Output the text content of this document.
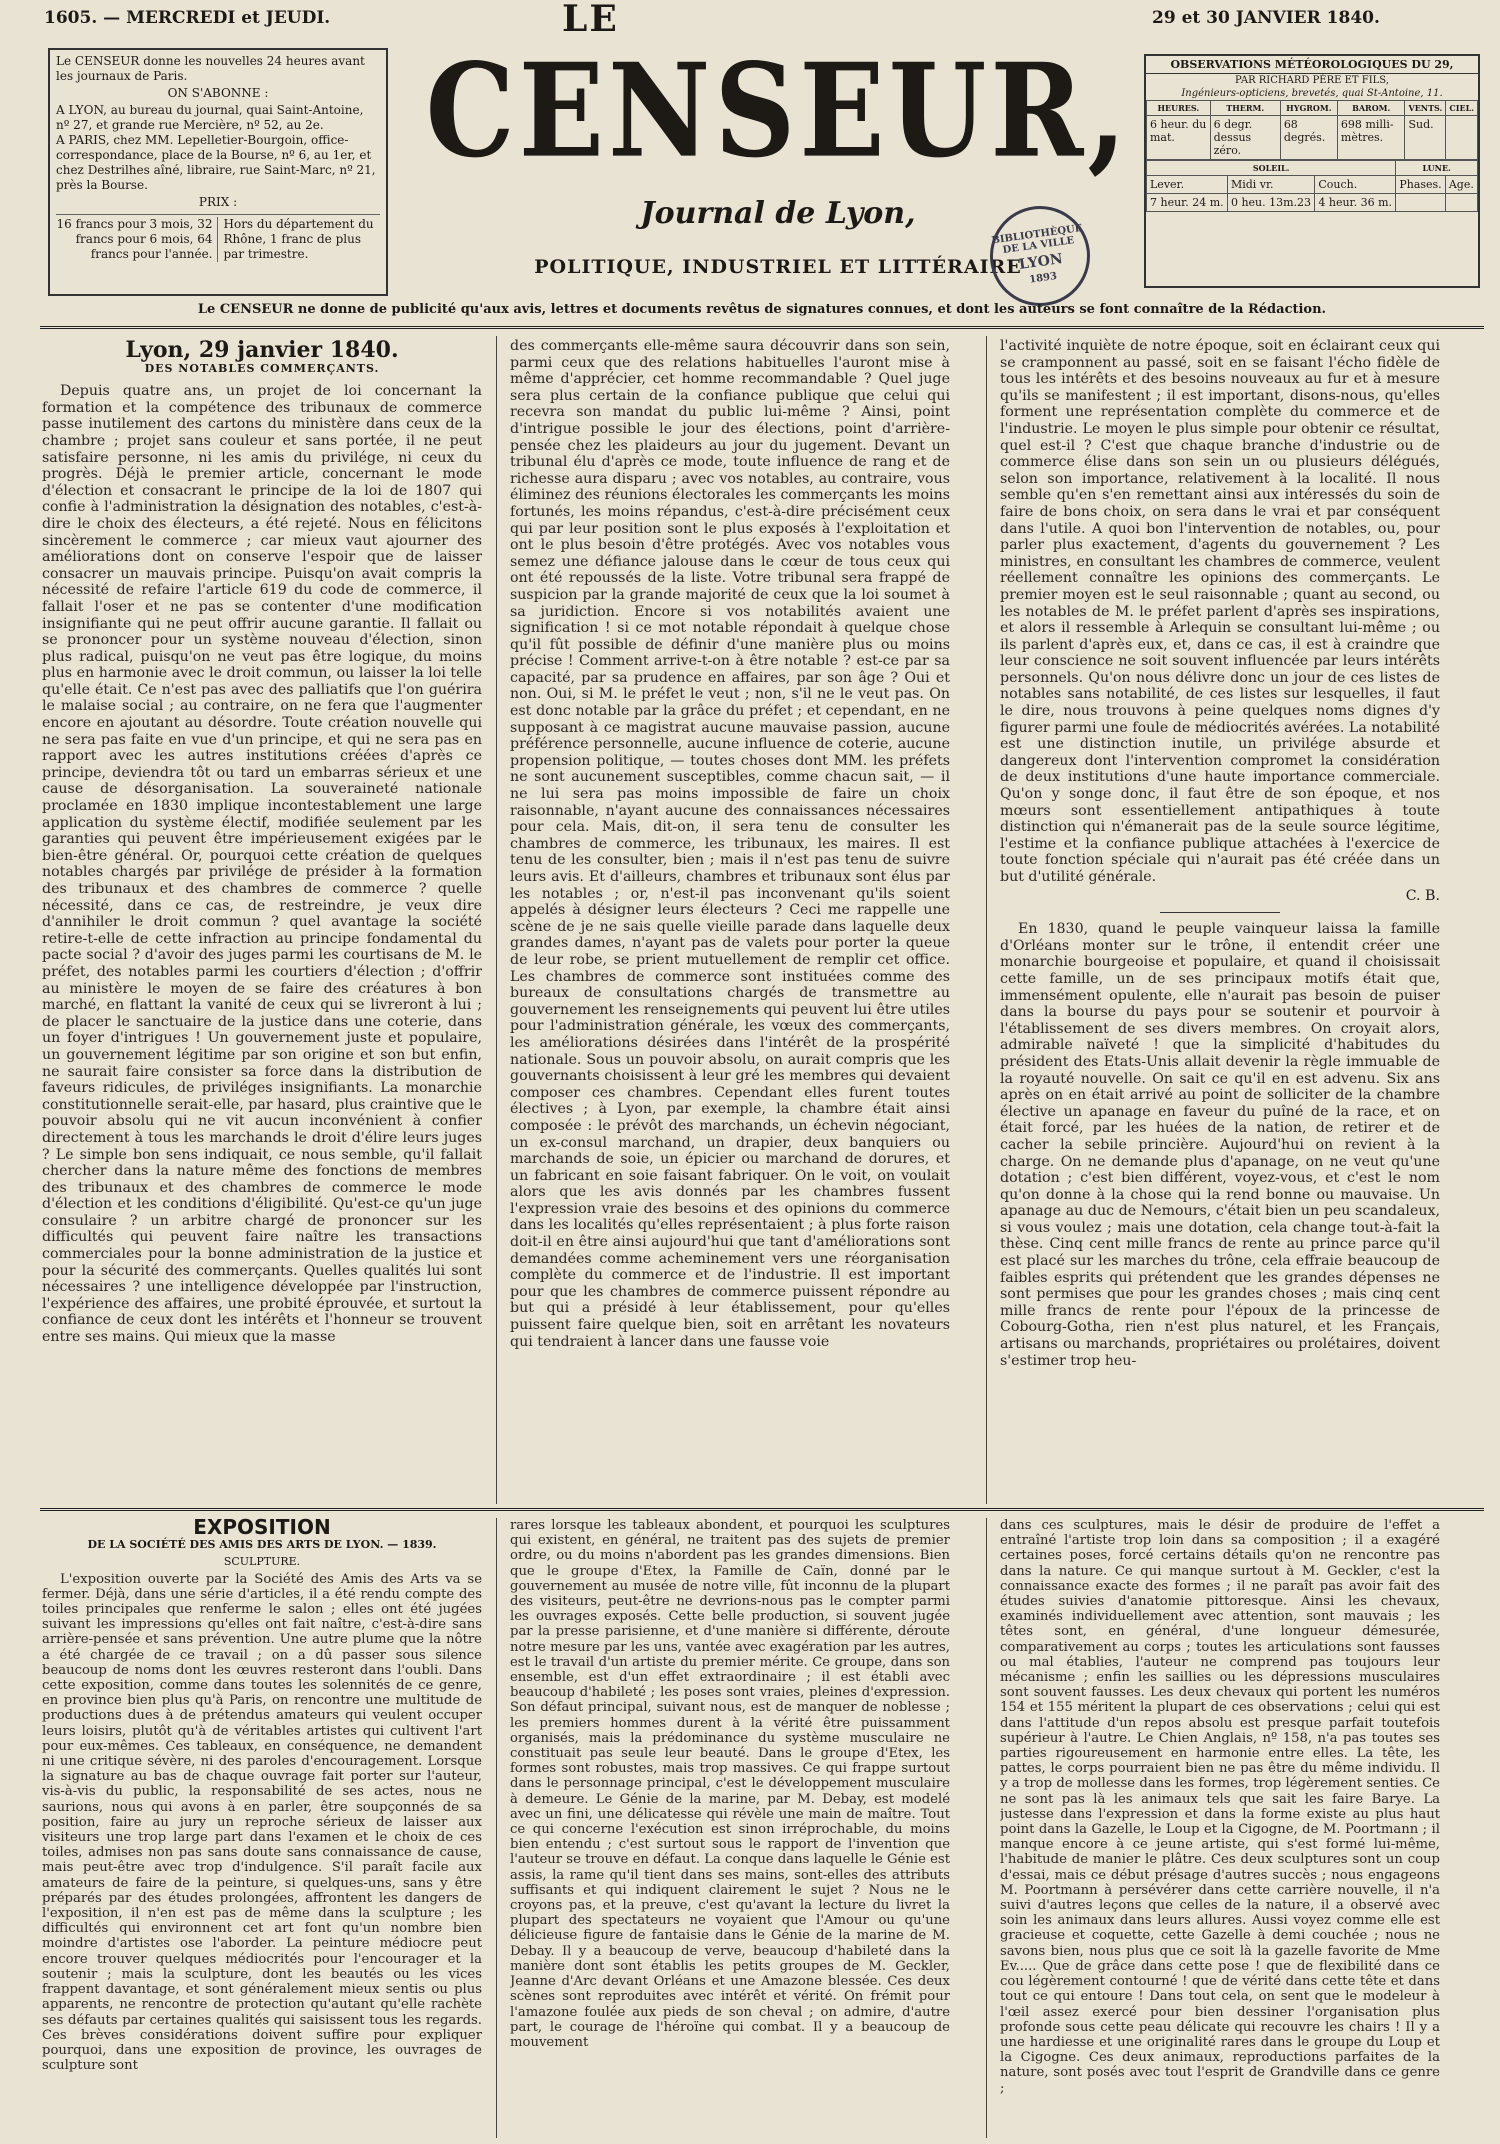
1605. — MERCREDI et JEUDI.	29 et 30 JANVIER 1840.
Le CENSEUR donne les nouvelles 24 heures avant les journaux de Paris.
ON S'ABONNE :
A LYON, au bureau du journal, quai Saint-Antoine, nº 27, et grande rue Mercière, nº 52, au 2e.
A PARIS, chez MM. Lepelletier-Bourgoin, office-correspondance, place de la Bourse, nº 6, au 1er, et chez Destrilhes aîné, libraire, rue Saint-Marc, nº 21, près la Bourse.
PRIX :
16 francs pour 3 mois, 32 francs pour 6 mois, 64 francs pour l'année.
Hors du département du Rhône, 1 franc de plus par trimestre.
LE
CENSEUR,
Journal de Lyon,
POLITIQUE, INDUSTRIEL ET LITTÉRAIRE
BIBLIOTHÈQUE DE LA VILLE
LYON
1893
OBSERVATIONS MÉTÉOROLOGIQUES DU 29,
PAR RICHARD PÈRE ET FILS,
Ingénieurs-opticiens, brevetés, quai St-Antoine, 11.
HEURES.	THERM.	HYGROM.	BAROM.	VENTS.	CIEL.
6 heur. du mat.	6 degr. dessus zéro.	68 degrés.	698 milli-mètres.	Sud.	
SOLEIL.			LUNE.	
Lever.	Midi vr.	Couch.	Phases.	Age.
7 heur. 24 m.	0 heu. 13m.23	4 heur. 36 m.		
Le CENSEUR ne donne de publicité qu'aux avis, lettres et documents revêtus de signatures connues, et dont les auteurs se font connaître de la Rédaction.
Lyon, 29 janvier 1840.
DES NOTABLES COMMERÇANTS.

Depuis quatre ans, un projet de loi concernant la formation et la compétence des tribunaux de commerce passe inutilement des cartons du ministère dans ceux de la chambre ; projet sans couleur et sans portée, il ne peut satisfaire personne, ni les amis du privilége, ni ceux du progrès. Déjà le premier article, concernant le mode d'élection et consacrant le principe de la loi de 1807 qui confie à l'administration la désignation des notables, c'est-à-dire le choix des électeurs, a été rejeté. Nous en félicitons sincèrement le commerce ; car mieux vaut ajourner des améliorations dont on conserve l'espoir que de laisser consacrer un mauvais principe. Puisqu'on avait compris la nécessité de refaire l'article 619 du code de commerce, il fallait l'oser et ne pas se contenter d'une modification insignifiante qui ne peut offrir aucune garantie. Il fallait ou se prononcer pour un système nouveau d'élection, sinon plus radical, puisqu'on ne veut pas être logique, du moins plus en harmonie avec le droit commun, ou laisser la loi telle qu'elle était. Ce n'est pas avec des palliatifs que l'on guérira le malaise social ; au contraire, on ne fera que l'augmenter encore en ajoutant au désordre. Toute création nouvelle qui ne sera pas faite en vue d'un principe, et qui ne sera pas en rapport avec les autres institutions créées d'après ce principe, deviendra tôt ou tard un embarras sérieux et une cause de désorganisation. La souveraineté nationale proclamée en 1830 implique incontestablement une large application du système électif, modifiée seulement par les garanties qui peuvent être impérieusement exigées par le bien-être général. Or, pourquoi cette création de quelques notables chargés par privilége de présider à la formation des tribunaux et des chambres de commerce ? quelle nécessité, dans ce cas, de restreindre, je veux dire d'annihiler le droit commun ? quel avantage la société retire-t-elle de cette infraction au principe fondamental du pacte social ? d'avoir des juges parmi les courtisans de M. le préfet, des notables parmi les courtiers d'élection ; d'offrir au ministère le moyen de se faire des créatures à bon marché, en flattant la vanité de ceux qui se livreront à lui ; de placer le sanctuaire de la justice dans une coterie, dans un foyer d'intrigues ! Un gouvernement juste et populaire, un gouvernement légitime par son origine et son but enfin, ne saurait faire consister sa force dans la distribution de faveurs ridicules, de priviléges insignifiants. La monarchie constitutionnelle serait-elle, par hasard, plus craintive que le pouvoir absolu qui ne vit aucun inconvénient à confier directement à tous les marchands le droit d'élire leurs juges ? Le simple bon sens indiquait, ce nous semble, qu'il fallait chercher dans la nature même des fonctions de membres des tribunaux et des chambres de commerce le mode d'élection et les conditions d'éligibilité. Qu'est-ce qu'un juge consulaire ? un arbitre chargé de prononcer sur les difficultés qui peuvent faire naître les transactions commerciales pour la bonne administration de la justice et pour la sécurité des commerçants. Quelles qualités lui sont nécessaires ? une intelligence développée par l'instruction, l'expérience des affaires, une probité éprouvée, et surtout la confiance de ceux dont les intérêts et l'honneur se trouvent entre ses mains. Qui mieux que la masse

des commerçants elle-même saura découvrir dans son sein, parmi ceux que des relations habituelles l'auront mise à même d'apprécier, cet homme recommandable ? Quel juge sera plus certain de la confiance publique que celui qui recevra son mandat du public lui-même ? Ainsi, point d'intrigue possible le jour des élections, point d'arrière-pensée chez les plaideurs au jour du jugement. Devant un tribunal élu d'après ce mode, toute influence de rang et de richesse aura disparu ; avec vos notables, au contraire, vous éliminez des réunions électorales les commerçants les moins fortunés, les moins répandus, c'est-à-dire précisément ceux qui par leur position sont le plus exposés à l'exploitation et ont le plus besoin d'être protégés. Avec vos notables vous semez une défiance jalouse dans le cœur de tous ceux qui ont été repoussés de la liste. Votre tribunal sera frappé de suspicion par la grande majorité de ceux que la loi soumet à sa juridiction. Encore si vos notabilités avaient une signification ! si ce mot notable répondait à quelque chose qu'il fût possible de définir d'une manière plus ou moins précise ! Comment arrive-t-on à être notable ? est-ce par sa capacité, par sa prudence en affaires, par son âge ? Oui et non. Oui, si M. le préfet le veut ; non, s'il ne le veut pas. On est donc notable par la grâce du préfet ; et cependant, en ne supposant à ce magistrat aucune mauvaise passion, aucune préférence personnelle, aucune influence de coterie, aucune propension politique, — toutes choses dont MM. les préfets ne sont aucunement susceptibles, comme chacun sait, — il ne lui sera pas moins impossible de faire un choix raisonnable, n'ayant aucune des connaissances nécessaires pour cela. Mais, dit-on, il sera tenu de consulter les chambres de commerce, les tribunaux, les maires. Il est tenu de les consulter, bien ; mais il n'est pas tenu de suivre leurs avis. Et d'ailleurs, chambres et tribunaux sont élus par les notables ; or, n'est-il pas inconvenant qu'ils soient appelés à désigner leurs électeurs ? Ceci me rappelle une scène de je ne sais quelle vieille parade dans laquelle deux grandes dames, n'ayant pas de valets pour porter la queue de leur robe, se prient mutuellement de remplir cet office. Les chambres de commerce sont instituées comme des bureaux de consultations chargés de transmettre au gouvernement les renseignements qui peuvent lui être utiles pour l'administration générale, les vœux des commerçants, les améliorations désirées dans l'intérêt de la prospérité nationale. Sous un pouvoir absolu, on aurait compris que les gouvernants choisissent à leur gré les membres qui devaient composer ces chambres. Cependant elles furent toutes électives ; à Lyon, par exemple, la chambre était ainsi composée : le prévôt des marchands, un échevin négociant, un ex-consul marchand, un drapier, deux banquiers ou marchands de soie, un épicier ou marchand de dorures, et un fabricant en soie faisant fabriquer. On le voit, on voulait alors que les avis donnés par les chambres fussent l'expression vraie des besoins et des opinions du commerce dans les localités qu'elles représentaient ; à plus forte raison doit-il en être ainsi aujourd'hui que tant d'améliorations sont demandées comme acheminement vers une réorganisation complète du commerce et de l'industrie. Il est important pour que les chambres de commerce puissent répondre au but qui a présidé à leur établissement, pour qu'elles puissent faire quelque bien, soit en arrêtant les novateurs qui tendraient à lancer dans une fausse voie

l'activité inquiète de notre époque, soit en éclairant ceux qui se cramponnent au passé, soit en se faisant l'écho fidèle de tous les intérêts et des besoins nouveaux au fur et à mesure qu'ils se manifestent ; il est important, disons-nous, qu'elles forment une représentation complète du commerce et de l'industrie. Le moyen le plus simple pour obtenir ce résultat, quel est-il ? C'est que chaque branche d'industrie ou de commerce élise dans son sein un ou plusieurs délégués, selon son importance, relativement à la localité. Il nous semble qu'en s'en remettant ainsi aux intéressés du soin de faire de bons choix, on sera dans le vrai et par conséquent dans l'utile. A quoi bon l'intervention de notables, ou, pour parler plus exactement, d'agents du gouvernement ? Les ministres, en consultant les chambres de commerce, veulent réellement connaître les opinions des commerçants. Le premier moyen est le seul raisonnable ; quant au second, ou les notables de M. le préfet parlent d'après ses inspirations, et alors il ressemble à Arlequin se consultant lui-même ; ou ils parlent d'après eux, et, dans ce cas, il est à craindre que leur conscience ne soit souvent influencée par leurs intérêts personnels. Qu'on nous délivre donc un jour de ces listes de notables sans notabilité, de ces listes sur lesquelles, il faut le dire, nous trouvons à peine quelques noms dignes d'y figurer parmi une foule de médiocrités avérées. La notabilité est une distinction inutile, un privilége absurde et dangereux dont l'intervention compromet la considération de deux institutions d'une haute importance commerciale. Qu'on y songe donc, il faut être de son époque, et nos mœurs sont essentiellement antipathiques à toute distinction qui n'émanerait pas de la seule source légitime, l'estime et la confiance publique attachées à l'exercice de toute fonction spéciale qui n'aurait pas été créée dans un but d'utilité générale.

C. B.

En 1830, quand le peuple vainqueur laissa la famille d'Orléans monter sur le trône, il entendit créer une monarchie bourgeoise et populaire, et quand il choisissait cette famille, un de ses principaux motifs était que, immensément opulente, elle n'aurait pas besoin de puiser dans la bourse du pays pour se soutenir et pourvoir à l'établissement de ses divers membres. On croyait alors, admirable naïveté ! que la simplicité d'habitudes du président des Etats-Unis allait devenir la règle immuable de la royauté nouvelle. On sait ce qu'il en est advenu. Six ans après on en était arrivé au point de solliciter de la chambre élective un apanage en faveur du puîné de la race, et on était forcé, par les huées de la nation, de retirer et de cacher la sebile princière. Aujourd'hui on revient à la charge. On ne demande plus d'apanage, on ne veut qu'une dotation ; c'est bien différent, voyez-vous, et c'est le nom qu'on donne à la chose qui la rend bonne ou mauvaise. Un apanage au duc de Nemours, c'était bien un peu scandaleux, si vous voulez ; mais une dotation, cela change tout-à-fait la thèse. Cinq cent mille francs de rente au prince parce qu'il est placé sur les marches du trône, cela effraie beaucoup de faibles esprits qui prétendent que les grandes dépenses ne sont permises que pour les grandes choses ; mais cinq cent mille francs de rente pour l'époux de la princesse de Cobourg-Gotha, rien n'est plus naturel, et les Français, artisans ou marchands, propriétaires ou prolétaires, doivent s'estimer trop heu-

EXPOSITION
DE LA SOCIÉTÉ DES AMIS DES ARTS DE LYON. — 1839.
SCULPTURE.

L'exposition ouverte par la Société des Amis des Arts va se fermer. Déjà, dans une série d'articles, il a été rendu compte des toiles principales que renferme le salon ; elles ont été jugées suivant les impressions qu'elles ont fait naître, c'est-à-dire sans arrière-pensée et sans prévention. Une autre plume que la nôtre a été chargée de ce travail ; on a dû passer sous silence beaucoup de noms dont les œuvres resteront dans l'oubli. Dans cette exposition, comme dans toutes les solennités de ce genre, en province bien plus qu'à Paris, on rencontre une multitude de productions dues à de prétendus amateurs qui veulent occuper leurs loisirs, plutôt qu'à de véritables artistes qui cultivent l'art pour eux-mêmes. Ces tableaux, en conséquence, ne demandent ni une critique sévère, ni des paroles d'encouragement. Lorsque la signature au bas de chaque ouvrage fait porter sur l'auteur, vis-à-vis du public, la responsabilité de ses actes, nous ne saurions, nous qui avons à en parler, être soupçonnés de sa position, faire au jury un reproche sérieux de laisser aux visiteurs une trop large part dans l'examen et le choix de ces toiles, admises non pas sans doute sans connaissance de cause, mais peut-être avec trop d'indulgence. S'il paraît facile aux amateurs de faire de la peinture, si quelques-uns, sans y être préparés par des études prolongées, affrontent les dangers de l'exposition, il n'en est pas de même dans la sculpture ; les difficultés qui environnent cet art font qu'un nombre bien moindre d'artistes ose l'aborder. La peinture médiocre peut encore trouver quelques médiocrités pour l'encourager et la soutenir ; mais la sculpture, dont les beautés ou les vices frappent davantage, et sont généralement mieux sentis ou plus apparents, ne rencontre de protection qu'autant qu'elle rachète ses défauts par certaines qualités qui saisissent tous les regards. Ces brèves considérations doivent suffire pour expliquer pourquoi, dans une exposition de province, les ouvrages de sculpture sont

rares lorsque les tableaux abondent, et pourquoi les sculptures qui existent, en général, ne traitent pas des sujets de premier ordre, ou du moins n'abordent pas les grandes dimensions. Bien que le groupe d'Etex, la Famille de Caïn, donné par le gouvernement au musée de notre ville, fût inconnu de la plupart des visiteurs, peut-être ne devrions-nous pas le compter parmi les ouvrages exposés. Cette belle production, si souvent jugée par la presse parisienne, et d'une manière si différente, déroute notre mesure par les uns, vantée avec exagération par les autres, est le travail d'un artiste du premier mérite. Ce groupe, dans son ensemble, est d'un effet extraordinaire ; il est établi avec beaucoup d'habileté ; les poses sont vraies, pleines d'expression. Son défaut principal, suivant nous, est de manquer de noblesse ; les premiers hommes durent à la vérité être puissamment organisés, mais la prédominance du système musculaire ne constituait pas seule leur beauté. Dans le groupe d'Etex, les formes sont robustes, mais trop massives. Ce qui frappe surtout dans le personnage principal, c'est le développement musculaire à demeure. Le Génie de la marine, par M. Debay, est modelé avec un fini, une délicatesse qui révèle une main de maître. Tout ce qui concerne l'exécution est sinon irréprochable, du moins bien entendu ; c'est surtout sous le rapport de l'invention que l'auteur se trouve en défaut. La conque dans laquelle le Génie est assis, la rame qu'il tient dans ses mains, sont-elles des attributs suffisants et qui indiquent clairement le sujet ? Nous ne le croyons pas, et la preuve, c'est qu'avant la lecture du livret la plupart des spectateurs ne voyaient que l'Amour ou qu'une délicieuse figure de fantaisie dans le Génie de la marine de M. Debay. Il y a beaucoup de verve, beaucoup d'habileté dans la manière dont sont établis les petits groupes de M. Geckler, Jeanne d'Arc devant Orléans et une Amazone blessée. Ces deux scènes sont reproduites avec intérêt et vérité. On frémit pour l'amazone foulée aux pieds de son cheval ; on admire, d'autre part, le courage de l'héroïne qui combat. Il y a beaucoup de mouvement

dans ces sculptures, mais le désir de produire de l'effet a entraîné l'artiste trop loin dans sa composition ; il a exagéré certaines poses, forcé certains détails qu'on ne rencontre pas dans la nature. Ce qui manque surtout à M. Geckler, c'est la connaissance exacte des formes ; il ne paraît pas avoir fait des études suivies d'anatomie pittoresque. Ainsi les chevaux, examinés individuellement avec attention, sont mauvais ; les têtes sont, en général, d'une longueur démesurée, comparativement au corps ; toutes les articulations sont fausses ou mal établies, l'auteur ne comprend pas toujours leur mécanisme ; enfin les saillies ou les dépressions musculaires sont souvent fausses. Les deux chevaux qui portent les numéros 154 et 155 méritent la plupart de ces observations ; celui qui est dans l'attitude d'un repos absolu est presque parfait toutefois supérieur à l'autre. Le Chien Anglais, nº 158, n'a pas toutes ses parties rigoureusement en harmonie entre elles. La tête, les pattes, le corps pourraient bien ne pas être du même individu. Il y a trop de mollesse dans les formes, trop légèrement senties. Ce ne sont pas là les animaux tels que sait les faire Barye. La justesse dans l'expression et dans la forme existe au plus haut point dans la Gazelle, le Loup et la Cigogne, de M. Poortmann ; il manque encore à ce jeune artiste, qui s'est formé lui-même, l'habitude de manier le plâtre. Ces deux sculptures sont un coup d'essai, mais ce début présage d'autres succès ; nous engageons M. Poortmann à persévérer dans cette carrière nouvelle, il n'a suivi d'autres leçons que celles de la nature, il a observé avec soin les animaux dans leurs allures. Aussi voyez comme elle est gracieuse et coquette, cette Gazelle à demi couchée ; nous ne savons bien, nous plus que ce soit là la gazelle favorite de Mme Ev..... Que de grâce dans cette pose ! que de flexibilité dans ce cou légèrement contourné ! que de vérité dans cette tête et dans tout ce qui entoure ! Dans tout cela, on sent que le modeleur à l'œil assez exercé pour bien dessiner l'organisation plus profonde sous cette peau délicate qui recouvre les chairs ! Il y a une hardiesse et une originalité rares dans le groupe du Loup et la Cigogne. Ces deux animaux, reproductions parfaites de la nature, sont posés avec tout l'esprit de Grandville dans ce genre ;
